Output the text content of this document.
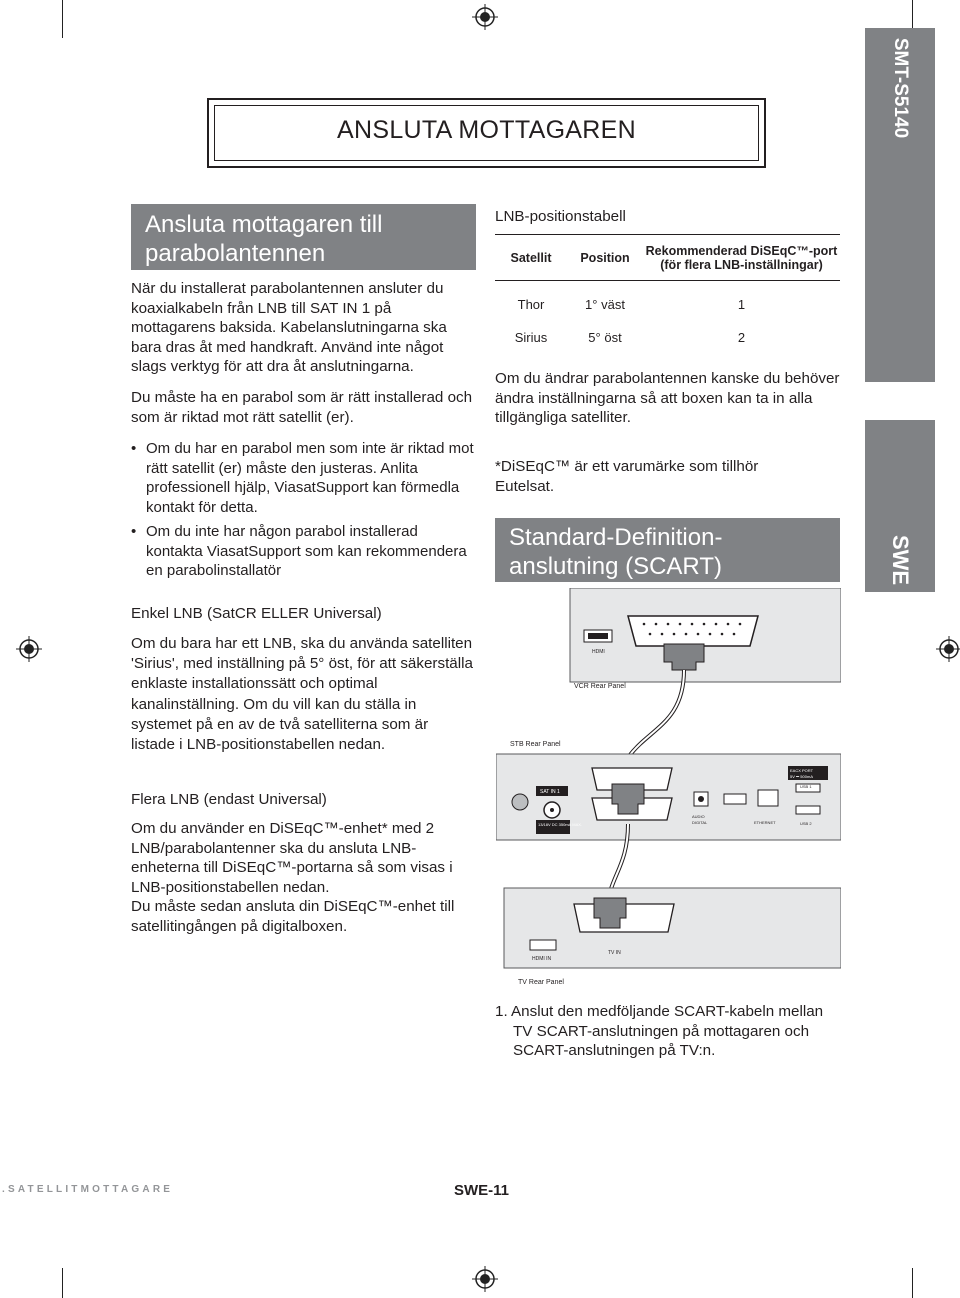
SMT-S5140
SWE
ANSLUTA MOTTAGAREN
Ansluta mottagaren till parabolantennen

När du installerat parabolantennen ansluter du koaxialkabeln från LNB till SAT IN 1 på mottagarens baksida. Kabelanslutningarna ska bara dras åt med handkraft. Använd inte något slags verktyg för att dra åt anslutningarna.

Du måste ha en parabol som är rätt installerad och som är riktad mot rätt satellit (er).

• Om du har en parabol men som inte är riktad mot rätt satellit (er) måste den justeras. Anlita professionell hjälp, ViasatSupport kan förmedla kontakt för detta.
• Om du inte har någon parabol installerad kontakta ViasatSupport som kan rekommendera en parabolinstallatör

Enkel LNB (SatCR ELLER Universal)

Om du bara har ett LNB, ska du använda satelliten 'Sirius', med inställning på 5° öst, för att säkerställa enklaste installationssätt och optimal kanalinställning. Om du vill kan du ställa in systemet på en av de två satelliterna som är listade i LNB-positionstabellen nedan.

Flera LNB (endast Universal)

Om du använder en DiSEqC™-enhet* med 2 LNB/parabolantenner ska du ansluta LNB-enheterna till DiSEqC™-portarna så som visas i LNB-positionstabellen nedan.

Du måste sedan ansluta din DiSEqC™-enhet till satellitingången på digitalboxen.

LNB-positionstabell

Satellit	Position	Rekommenderad DiSEqC™-port (för flera LNB-inställningar)
Thor	1° väst	1
Sirius	5° öst	2

Om du ändrar parabolantennen kanske du behöver ändra inställningarna så att boxen kan ta in alla tillgängliga satelliter.

*DiSEqC™ är ett varumärke som tillhör Eutelsat.

Standard-Definition-anslutning (SCART)
HDMI
VCR Rear Panel
STB Rear Panel
SAT IN 1
13/18V DC 350mA MAX.
AUDIO
DIGITAL	ETHERNET
EACX PORT
5V ⎓ 500mA
USB 1
USB 2
HDMI IN
TV IN
TV Rear Panel

1. Anslut den medföljande SCART-kabeln mellan TV SCART-anslutningen på mottagaren och SCART-anslutningen på TV:n.

.SATELLITMOTTAGARE	SWE-11
